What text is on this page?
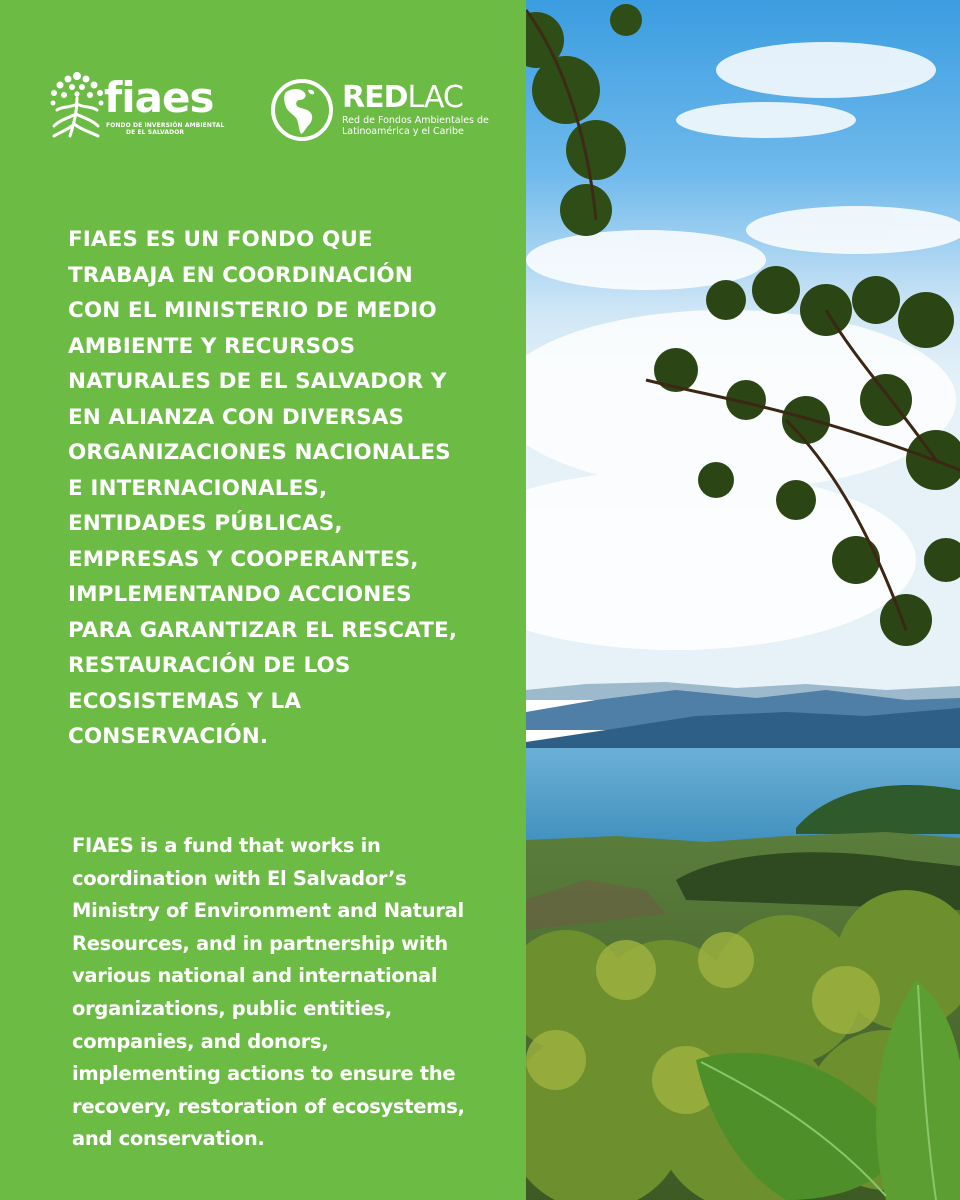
fiaes
FONDO DE INVERSIÓN AMBIENTAL
DE EL SALVADOR
REDLAC
Red de Fondos Ambientales de
Latinoamérica y el Caribe

FIAES ES UN FONDO QUE TRABAJA EN COORDINACIÓN CON EL MINISTERIO DE MEDIO AMBIENTE Y RECURSOS NATURALES DE EL SALVADOR Y EN ALIANZA CON DIVERSAS ORGANIZACIONES NACIONALES E INTERNACIONALES, ENTIDADES PÚBLICAS, EMPRESAS Y COOPERANTES, IMPLEMENTANDO ACCIONES PARA GARANTIZAR EL RESCATE, RESTAURACIÓN DE LOS ECOSISTEMAS Y LA CONSERVACIÓN.

FIAES is a fund that works in coordination with El Salvador’s Ministry of Environment and Natural Resources, and in partnership with various national and international organizations, public entities, companies, and donors, implementing actions to ensure the recovery, restoration of ecosystems, and conservation.
